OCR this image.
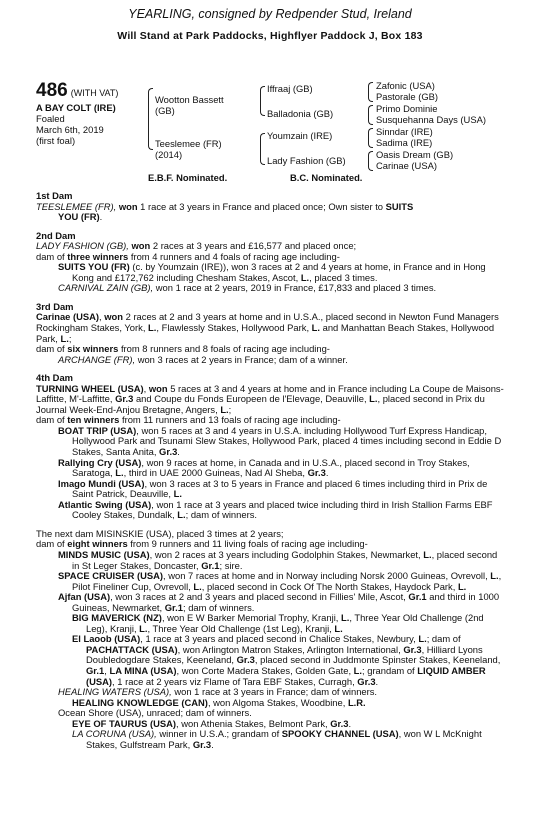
YEARLING, consigned by Redpender Stud, Ireland
Will Stand at Park Paddocks, Highflyer Paddock J, Box 183
486 (WITH VAT)
A BAY COLT (IRE)
Foaled
March 6th, 2019
(first foal)
Wootton Bassett
(GB)
Teeslemee (FR)
(2014)
Iffraaj (GB)
Balladonia (GB)
Youmzain (IRE)
Lady Fashion (GB)
Zafonic (USA)
Pastorale (GB)
Primo Dominie
Susquehanna Days (USA)
Sinndar (IRE)
Sadima (IRE)
Oasis Dream (GB)
Carinae (USA)
E.B.F. Nominated.	B.C. Nominated.

1st Dam

TEESLEMEE (FR), won 1 race at 3 years in France and placed once; Own sister to SUITS

YOU (FR).

2nd Dam

LADY FASHION (GB), won 2 races at 3 years and £16,577 and placed once;

dam of three winners from 4 runners and 4 foals of racing age including-

SUITS YOU (FR) (c. by Youmzain (IRE)), won 3 races at 2 and 4 years at home, in France and in Hong Kong and £172,762 including Chesham Stakes, Ascot, L., placed 3 times.

CARNIVAL ZAIN (GB), won 1 race at 2 years, 2019 in France, £17,833 and placed 3 times.

3rd Dam

Carinae (USA), won 2 races at 2 and 3 years at home and in U.S.A., placed second in Newton Fund Managers Rockingham Stakes, York, L., Flawlessly Stakes, Hollywood Park, L. and Manhattan Beach Stakes, Hollywood Park, L.;

dam of six winners from 8 runners and 8 foals of racing age including-

ARCHANGE (FR), won 3 races at 2 years in France; dam of a winner.

4th Dam

TURNING WHEEL (USA), won 5 races at 3 and 4 years at home and in France including La Coupe de Maisons-Laffitte, M'-Laffitte, Gr.3 and Coupe du Fonds Europeen de l'Elevage, Deauville, L., placed second in Prix du Journal Week-End-Anjou Bretagne, Angers, L.;

dam of ten winners from 11 runners and 13 foals of racing age including-

BOAT TRIP (USA), won 5 races at 3 and 4 years in U.S.A. including Hollywood Turf Express Handicap, Hollywood Park and Tsunami Slew Stakes, Hollywood Park, placed 4 times including second in Eddie D Stakes, Santa Anita, Gr.3.

Rallying Cry (USA), won 9 races at home, in Canada and in U.S.A., placed second in Troy Stakes, Saratoga, L., third in UAE 2000 Guineas, Nad Al Sheba, Gr.3.

Imago Mundi (USA), won 3 races at 3 to 5 years in France and placed 6 times including third in Prix de Saint Patrick, Deauville, L.

Atlantic Swing (USA), won 1 race at 3 years and placed twice including third in Irish Stallion Farms EBF Cooley Stakes, Dundalk, L.; dam of winners.

The next dam MISINSKIE (USA), placed 3 times at 2 years;

dam of eight winners from 9 runners and 11 living foals of racing age including-

MINDS MUSIC (USA), won 2 races at 3 years including Godolphin Stakes, Newmarket, L., placed second in St Leger Stakes, Doncaster, Gr.1; sire.

SPACE CRUISER (USA), won 7 races at home and in Norway including Norsk 2000 Guineas, Ovrevoll, L., Pilot Fineliner Cup, Ovrevoll, L., placed second in Cock Of The North Stakes, Haydock Park, L.

Ajfan (USA), won 3 races at 2 and 3 years and placed second in Fillies' Mile, Ascot, Gr.1 and third in 1000 Guineas, Newmarket, Gr.1; dam of winners.

BIG MAVERICK (NZ), won E W Barker Memorial Trophy, Kranji, L., Three Year Old Challenge (2nd Leg), Kranji, L., Three Year Old Challenge (1st Leg), Kranji, L.

El Laoob (USA), 1 race at 3 years and placed second in Chalice Stakes, Newbury, L.; dam of PACHATTACK (USA), won Arlington Matron Stakes, Arlington International, Gr.3, Hilliard Lyons Doubledogdare Stakes, Keeneland, Gr.3, placed second in Juddmonte Spinster Stakes, Keeneland, Gr.1, LA MINA (USA), won Corte Madera Stakes, Golden Gate, L.; grandam of LIQUID AMBER (USA), 1 race at 2 years viz Flame of Tara EBF Stakes, Curragh, Gr.3.

HEALING WATERS (USA), won 1 race at 3 years in France; dam of winners.

HEALING KNOWLEDGE (CAN), won Algoma Stakes, Woodbine, L.R.

Ocean Shore (USA), unraced; dam of winners.

EYE OF TAURUS (USA), won Athenia Stakes, Belmont Park, Gr.3.

LA CORUNA (USA), winner in U.S.A.; grandam of SPOOKY CHANNEL (USA), won W L McKnight Stakes, Gulfstream Park, Gr.3.
